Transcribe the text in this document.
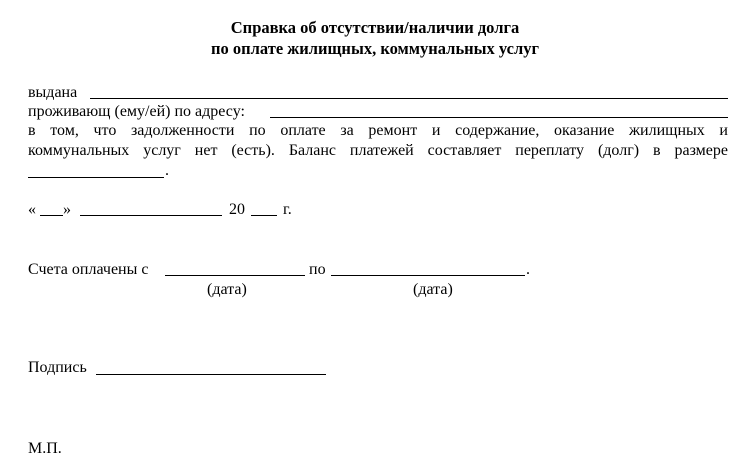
Справка об отсутствии/наличии долга
по оплате жилищных, коммунальных услуг
выдана
проживающ (ему/ей) по адресу:
в том, что задолженности по оплате за ремонт и содержание, оказание жилищных и
коммунальных услуг нет (есть). Баланс платежей составляет переплату (долг) в размере
.
« »	20 г.
Счета оплачены с	по	.
(дата)	(дата)
Подпись
М.П.
